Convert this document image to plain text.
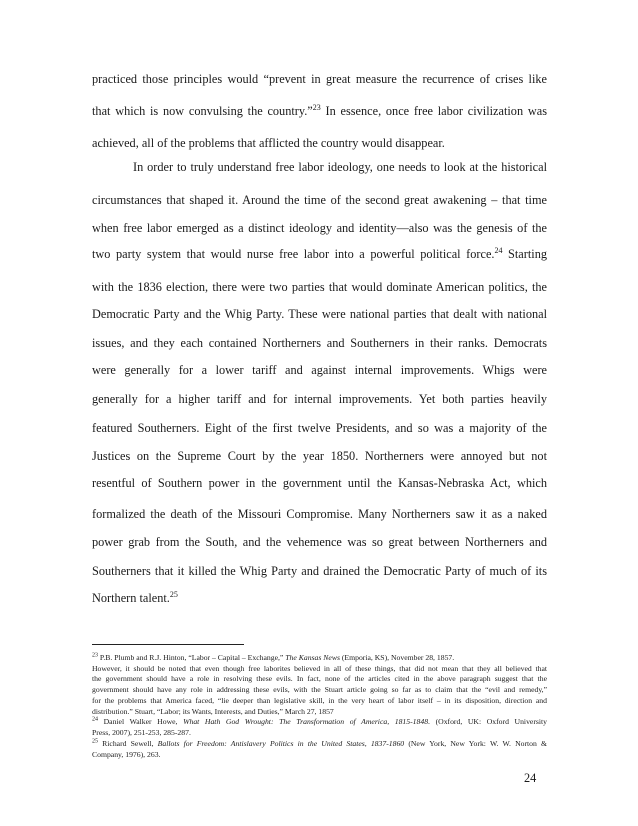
practiced those principles would “prevent in great measure the recurrence of crises like
that which is now convulsing the country.”$^{23}$ In essence, once free labor civilization was
achieved, all of the problems that afflicted the country would disappear.
In order to truly understand free labor ideology, one needs to look at the historical
circumstances that shaped it. Around the time of the second great awakening – that time
when free labor emerged as a distinct ideology and identity—also was the genesis of the
two party system that would nurse free labor into a powerful political force.$^{24}$ Starting
with the 1836 election, there were two parties that would dominate American politics, the
Democratic Party and the Whig Party. These were national parties that dealt with national
issues, and they each contained Northerners and Southerners in their ranks. Democrats
were generally for a lower tariff and against internal improvements. Whigs were
generally for a higher tariff and for internal improvements. Yet both parties heavily
featured Southerners. Eight of the first twelve Presidents, and so was a majority of the
Justices on the Supreme Court by the year 1850. Northerners were annoyed but not
resentful of Southern power in the government until the Kansas-Nebraska Act, which
formalized the death of the Missouri Compromise. Many Northerners saw it as a naked
power grab from the South, and the vehemence was so great between Northerners and
Southerners that it killed the Whig Party and drained the Democratic Party of much of its
Northern talent.$^{25}$
$^{23}$ P.B. Plumb and R.J. Hinton, “Labor – Capital – Exchange,” The Kansas News (Emporia, KS), November 28, 1857.
However, it should be noted that even though free laborites believed in all of these things, that did not mean that they all believed that
the government should have a role in resolving these evils. In fact, none of the articles cited in the above paragraph suggest that the
government should have any role in addressing these evils, with the Stuart article going so far as to claim that the “evil and remedy,”
for the problems that America faced, “lie deeper than legislative skill, in the very heart of labor itself – in its disposition, direction and
distribution.” Stuart, “Labor; its Wants, Interests, and Duties,” March 27, 1857
$^{24}$ Daniel Walker Howe, What Hath God Wrought: The Transformation of America, 1815-1848. (Oxford, UK: Oxford University
Press, 2007), 251-253, 285-287.
$^{25}$ Richard Sewell, Ballots for Freedom: Antislavery Politics in the United States, 1837-1860 (New York, New York: W. W. Norton &
Company, 1976), 263.
24
